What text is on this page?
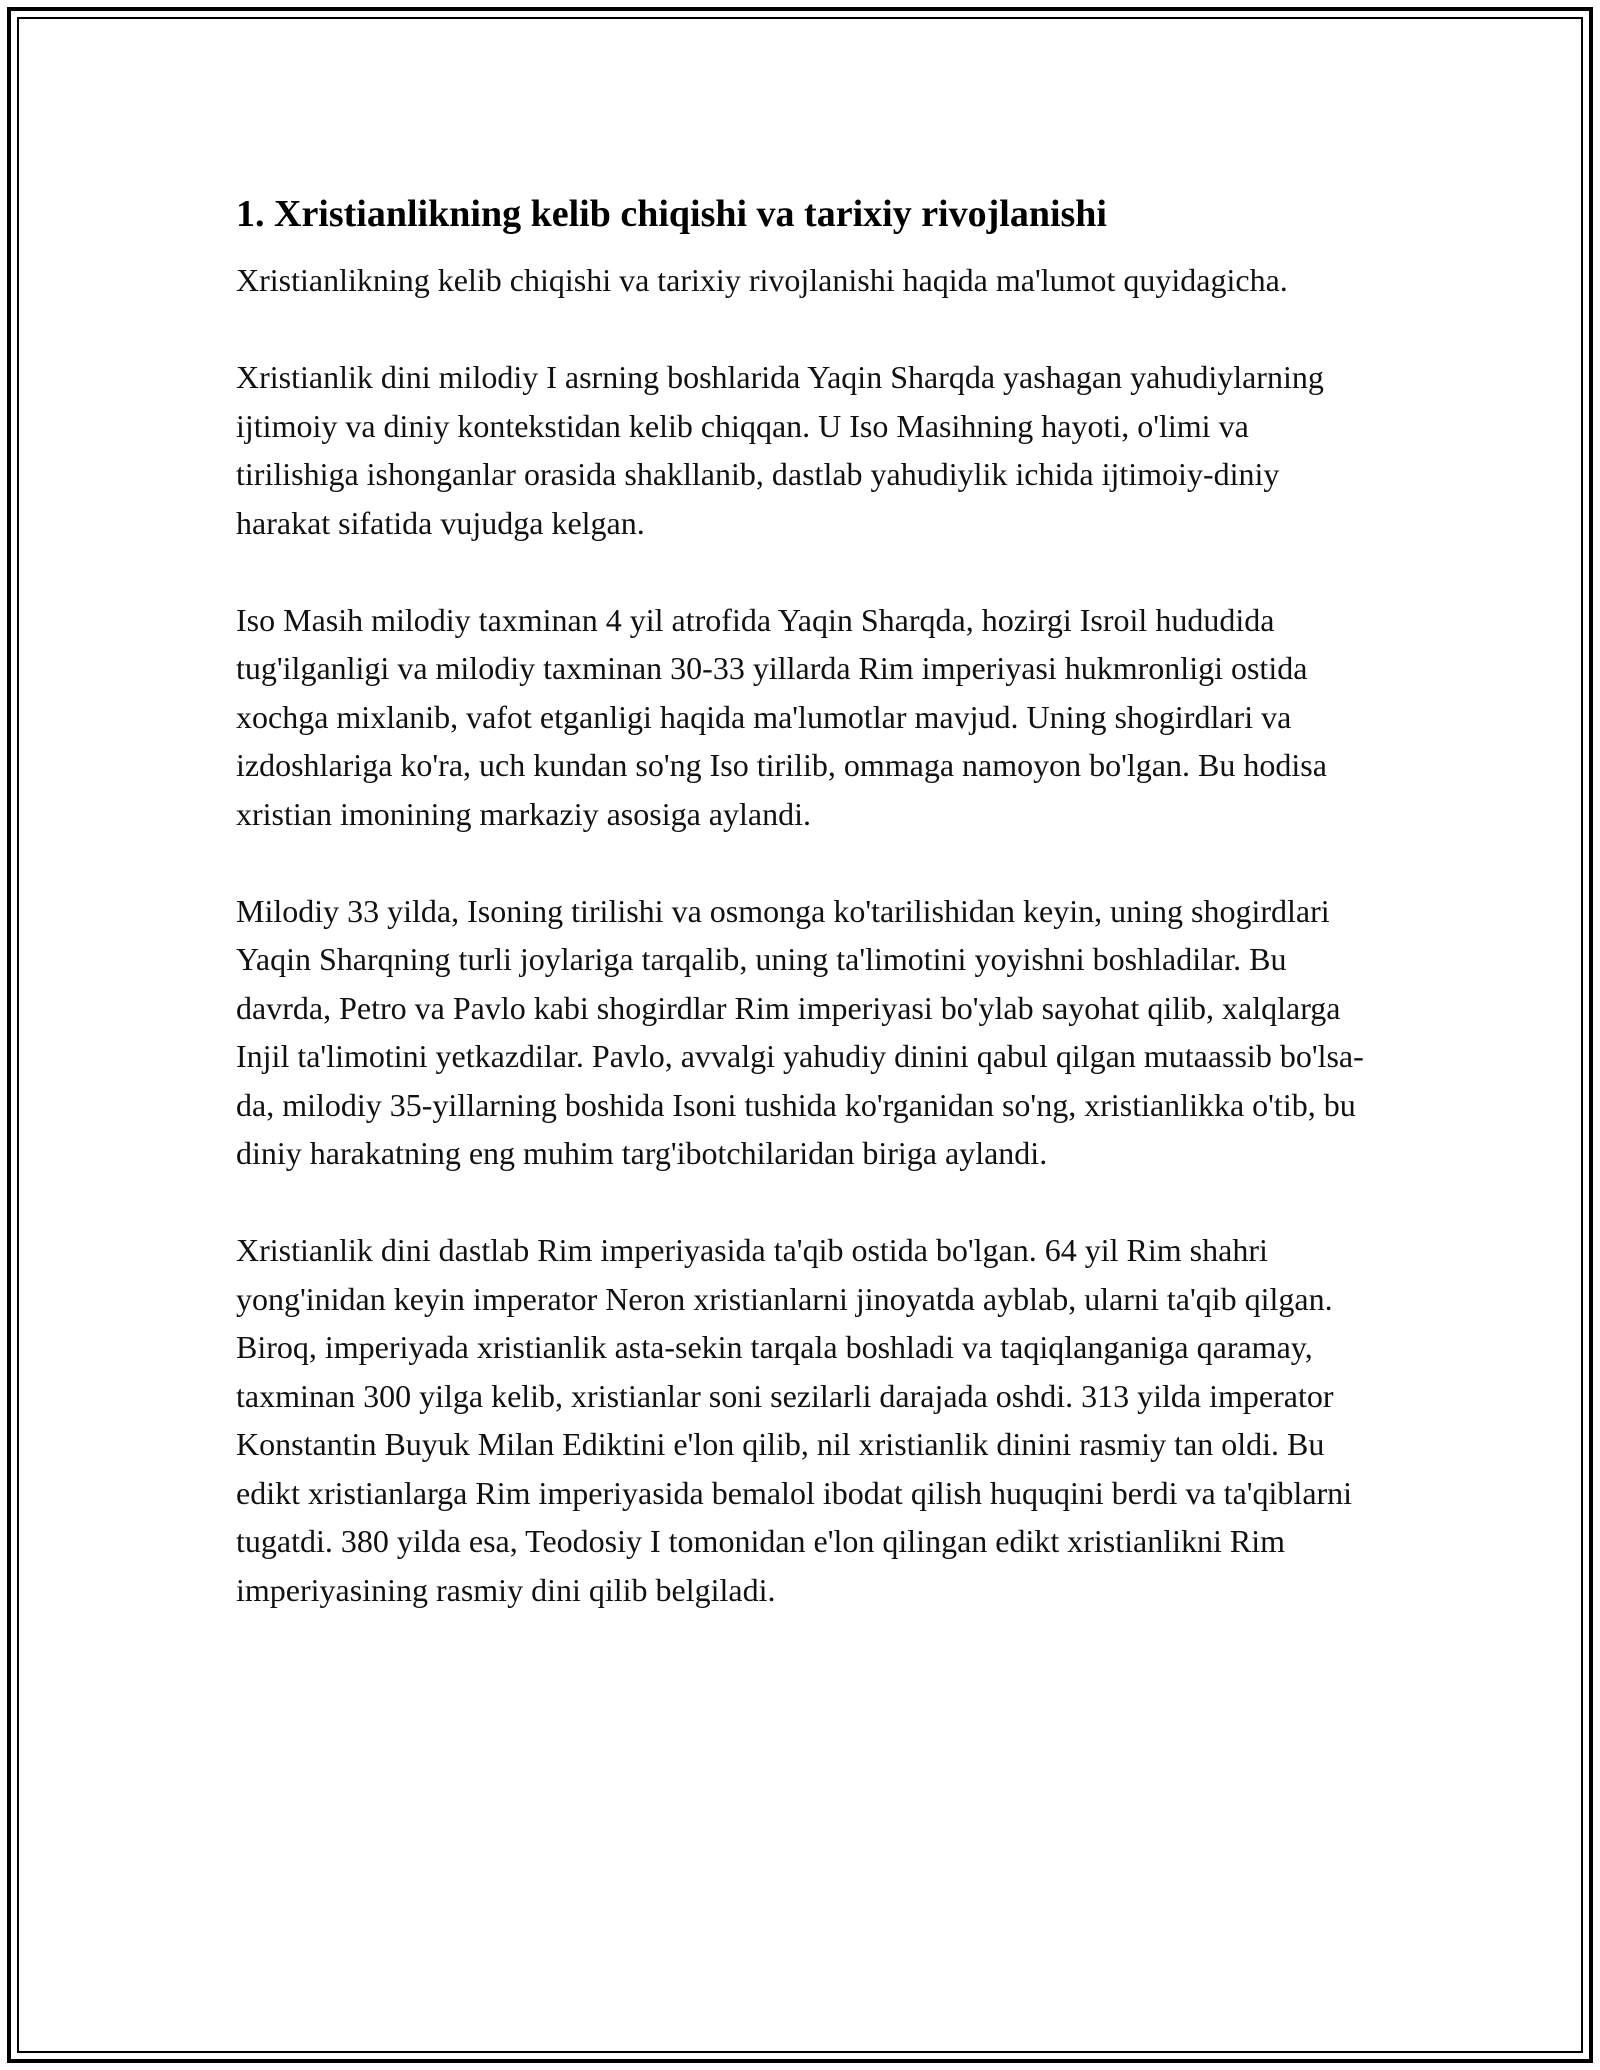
1. Xristianlikning kelib chiqishi va tarixiy rivojlanishi

Xristianlikning kelib chiqishi va tarixiy rivojlanishi haqida ma'lumot quyidagicha.

Xristianlik dini milodiy I asrning boshlarida Yaqin Sharqda yashagan yahudiylarning ijtimoiy va diniy kontekstidan kelib chiqqan. U Iso Masihning hayoti, o'limi va tirilishiga ishonganlar orasida shakllanib, dastlab yahudiylik ichida ijtimoiy-diniy harakat sifatida vujudga kelgan.

Iso Masih milodiy taxminan 4 yil atrofida Yaqin Sharqda, hozirgi Isroil hududida tug'ilganligi va milodiy taxminan 30-33 yillarda Rim imperiyasi hukmronligi ostida xochga mixlanib, vafot etganligi haqida ma'lumotlar mavjud. Uning shogirdlari va izdoshlariga ko'ra, uch kundan so'ng Iso tirilib, ommaga namoyon bo'lgan. Bu hodisa xristian imonining markaziy asosiga aylandi.

Milodiy 33 yilda, Isoning tirilishi va osmonga ko'tarilishidan keyin, uning shogirdlari Yaqin Sharqning turli joylariga tarqalib, uning ta'limotini yoyishni boshladilar. Bu davrda, Petro va Pavlo kabi shogirdlar Rim imperiyasi bo'ylab sayohat qilib, xalqlarga Injil ta'limotini yetkazdilar. Pavlo, avvalgi yahudiy dinini qabul qilgan mutaassib bo'lsa-da, milodiy 35-yillarning boshida Isoni tushida ko'rganidan so'ng, xristianlikka o'tib, bu diniy harakatning eng muhim targ'ibotchilaridan biriga aylandi.

Xristianlik dini dastlab Rim imperiyasida ta'qib ostida bo'lgan. 64 yil Rim shahri yong'inidan keyin imperator Neron xristianlarni jinoyatda ayblab, ularni ta'qib qilgan. Biroq, imperiyada xristianlik asta-sekin tarqala boshladi va taqiqlanganiga qaramay, taxminan 300 yilga kelib, xristianlar soni sezilarli darajada oshdi. 313 yilda imperator Konstantin Buyuk Milan Ediktini e'lon qilib, nil xristianlik dinini rasmiy tan oldi. Bu edikt xristianlarga Rim imperiyasida bemalol ibodat qilish huquqini berdi va ta'qiblarni tugatdi. 380 yilda esa, Teodosiy I tomonidan e'lon qilingan edikt xristianlikni Rim imperiyasining rasmiy dini qilib belgiladi.
